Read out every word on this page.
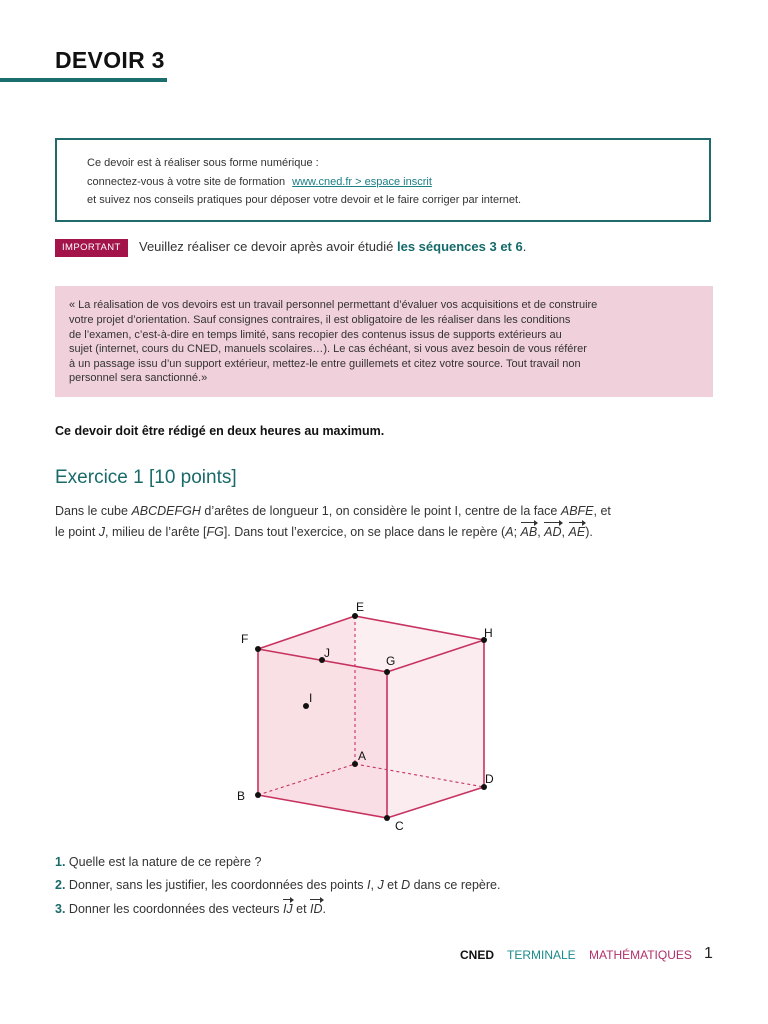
DEVOIR 3
Ce devoir est à réaliser sous forme numérique :
connectez-vous à votre site de formation www.cned.fr > espace inscrit
et suivez nos conseils pratiques pour déposer votre devoir et le faire corriger par internet.
IMPORTANT	Veuillez réaliser ce devoir après avoir étudié les séquences 3 et 6.
« La réalisation de vos devoirs est un travail personnel permettant d’évaluer vos acquisitions et de construire
votre projet d’orientation. Sauf consignes contraires, il est obligatoire de les réaliser dans les conditions
de l’examen, c’est-à-dire en temps limité, sans recopier des contenus issus de supports extérieurs au
sujet (internet, cours du CNED, manuels scolaires…). Le cas échéant, si vous avez besoin de vous référer
à un passage issu d’un support extérieur, mettez-le entre guillemets et citez votre source. Tout travail non
personnel sera sanctionné.»
Ce devoir doit être rédigé en deux heures au maximum.
Exercice 1 [10 points]
Dans le cube ABCDEFGH d’arêtes de longueur 1, on considère le point I, centre de la face ABFE, et
le point J, milieu de l’arête [FG]. Dans tout l’exercice, on se place dans le repère (A; AB, AD, AE).
E
F	H
J
G
I
A
D
B
C
1. Quelle est la nature de ce repère ?
2. Donner, sans les justifier, les coordonnées des points I, J et D dans ce repère.
3. Donner les coordonnées des vecteurs IJ et ID.
CNED TERMINALE MATHÉMATIQUES 1
